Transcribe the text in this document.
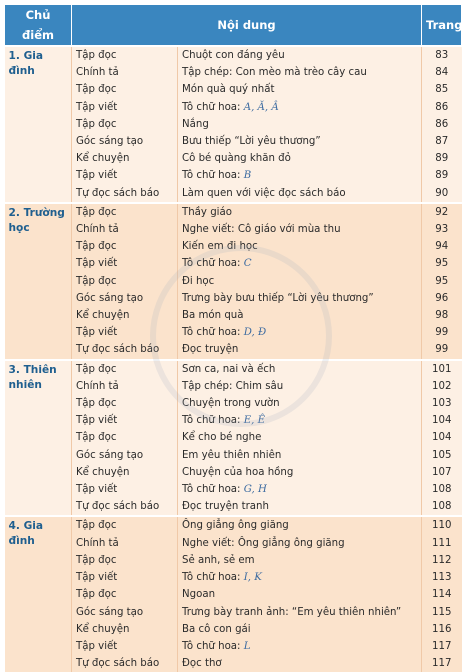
Chủ điểm	Nội dung		Trang
1. Gia đình	Tập đọc	Chuột con đáng yêu	83
	Chính tả	Tập chép: Con mèo mà trèo cây cau	84
	Tập đọc	Món quà quý nhất	85
	Tập viết	Tô chữ hoa: A, Ă, Â	86
	Tập đọc	Nắng	86
	Góc sáng tạo	Bưu thiếp “Lời yêu thương”	87
	Kể chuyện	Cô bé quàng khăn đỏ	89
	Tập viết	Tô chữ hoa: B	89
	Tự đọc sách báo	Làm quen với việc đọc sách báo	90
2. Trường học	Tập đọc	Thầy giáo	92
	Chính tả	Nghe viết: Cô giáo với mùa thu	93
	Tập đọc	Kiến em đi học	94
	Tập viết	Tô chữ hoa: C	95
	Tập đọc	Đi học	95
	Góc sáng tạo	Trưng bày bưu thiếp “Lời yêu thương”	96
	Kể chuyện	Ba món quà	98
	Tập viết	Tô chữ hoa: D, Đ	99
	Tự đọc sách báo	Đọc truyện	99
3. Thiên nhiên	Tập đọc	Sơn ca, nai và ếch	101
	Chính tả	Tập chép: Chim sâu	102
	Tập đọc	Chuyện trong vườn	103
	Tập viết	Tô chữ hoa: E, Ê	104
	Tập đọc	Kể cho bé nghe	104
	Góc sáng tạo	Em yêu thiên nhiên	105
	Kể chuyện	Chuyện của hoa hồng	107
	Tập viết	Tô chữ hoa: G, H	108
	Tự đọc sách báo	Đọc truyện tranh	108
4. Gia đình	Tập đọc	Ông giẳng ông giăng	110
	Chính tả	Nghe viết: Ông giẳng ông giăng	111
	Tập đọc	Sẻ anh, sẻ em	112
	Tập viết	Tô chữ hoa: I, K	113
	Tập đọc	Ngoan	114
	Góc sáng tạo	Trưng bày tranh ảnh: “Em yêu thiên nhiên”	115
	Kể chuyện	Ba cô con gái	116
	Tập viết	Tô chữ hoa: L	117
	Tự đọc sách báo	Đọc thơ	117
